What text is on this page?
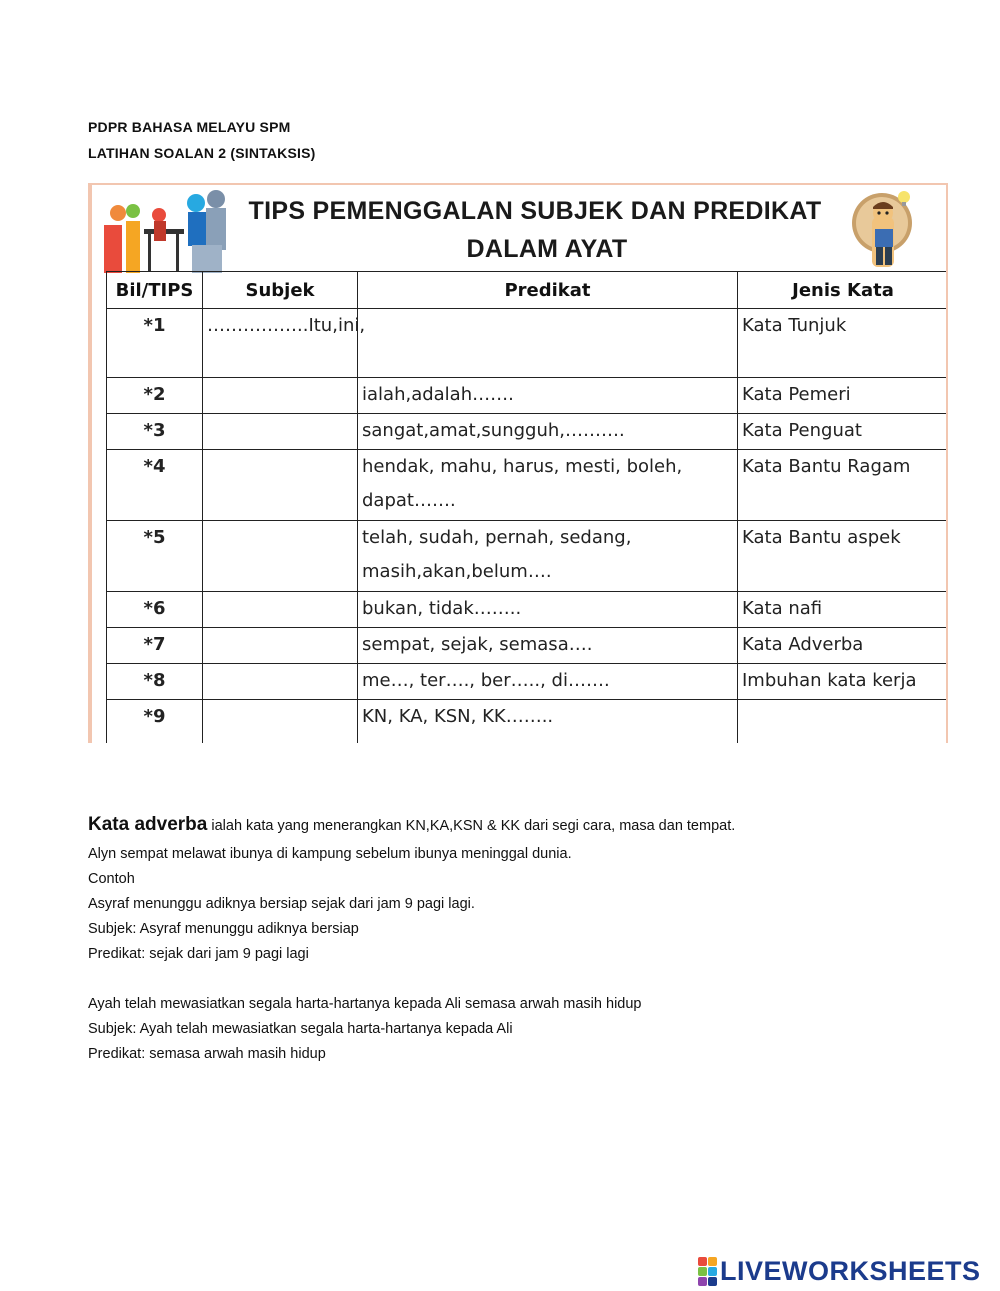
PDPR BAHASA MELAYU SPM
LATIHAN SOALAN 2 (SINTAKSIS)
TIPS PEMENGGALAN SUBJEK DAN PREDIKAT
DALAM AYAT
Bil/TIPS	Subjek	Predikat	Jenis Kata
*1	……………..Itu,ini,		Kata Tunjuk
*2		ialah,adalah…….	Kata Pemeri
*3		sangat,amat,sungguh,……….	Kata Penguat
*4		hendak, mahu, harus, mesti, boleh, dapat…….	Kata Bantu Ragam
*5		telah, sudah, pernah, sedang, masih,akan,belum….	Kata Bantu aspek
*6		bukan, tidak……..	Kata nafi
*7		sempat, sejak, semasa….	Kata Adverba
*8		me…, ter…., ber….., di…….	Imbuhan kata kerja
*9		KN, KA, KSN, KK……..	
Kata adverba ialah kata yang menerangkan KN,KA,KSN & KK dari segi cara, masa dan tempat.
Alyn sempat melawat ibunya di kampung sebelum ibunya meninggal dunia.
Contoh
Asyraf menunggu adiknya bersiap sejak dari jam 9 pagi lagi.
Subjek: Asyraf menunggu adiknya bersiap
Predikat: sejak dari jam 9 pagi lagi
Ayah telah mewasiatkan segala harta-hartanya kepada Ali semasa arwah masih hidup
Subjek: Ayah telah mewasiatkan segala harta-hartanya kepada Ali
Predikat: semasa arwah masih hidup
LIVEWORKSHEETS
